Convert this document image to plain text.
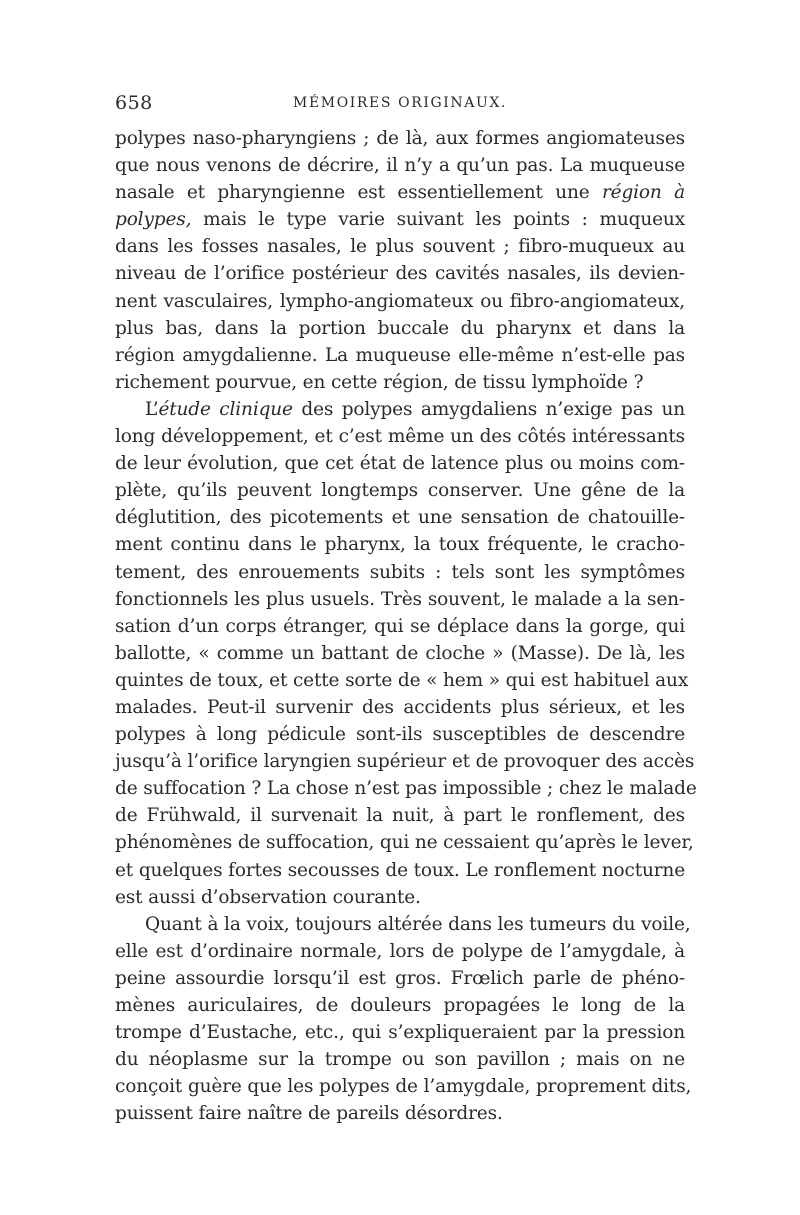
658	MÉMOIRES ORIGINAUX.
polypes naso-pharyngiens ; de là, aux formes angiomateuses
que nous venons de décrire, il n’y a qu’un pas. La muqueuse
nasale et pharyngienne est essentiellement une région à
polypes, mais le type varie suivant les points : muqueux
dans les fosses nasales, le plus souvent ; fibro-muqueux au
niveau de l’orifice postérieur des cavités nasales, ils devien-
nent vasculaires, lympho-angiomateux ou fibro-angiomateux,
plus bas, dans la portion buccale du pharynx et dans la
région amygdalienne. La muqueuse elle-même n’est-elle pas
richement pourvue, en cette région, de tissu lymphoïde ?
L’étude clinique des polypes amygdaliens n’exige pas un
long développement, et c’est même un des côtés intéressants
de leur évolution, que cet état de latence plus ou moins com-
plète, qu’ils peuvent longtemps conserver. Une gêne de la
déglutition, des picotements et une sensation de chatouille-
ment continu dans le pharynx, la toux fréquente, le cracho-
tement, des enrouements subits : tels sont les symptômes
fonctionnels les plus usuels. Très souvent, le malade a la sen-
sation d’un corps étranger, qui se déplace dans la gorge, qui
ballotte, « comme un battant de cloche » (Masse). De là, les
quintes de toux, et cette sorte de « hem » qui est habituel aux
malades. Peut-il survenir des accidents plus sérieux, et les
polypes à long pédicule sont-ils susceptibles de descendre
jusqu’à l’orifice laryngien supérieur et de provoquer des accès
de suffocation ? La chose n’est pas impossible ; chez le malade
de Frühwald, il survenait la nuit, à part le ronflement, des
phénomènes de suffocation, qui ne cessaient qu’après le lever,
et quelques fortes secousses de toux. Le ronflement nocturne
est aussi d’observation courante.
Quant à la voix, toujours altérée dans les tumeurs du voile,
elle est d’ordinaire normale, lors de polype de l’amygdale, à
peine assourdie lorsqu’il est gros. Frœlich parle de phéno-
mènes auriculaires, de douleurs propagées le long de la
trompe d’Eustache, etc., qui s’expliqueraient par la pression
du néoplasme sur la trompe ou son pavillon ; mais on ne
conçoit guère que les polypes de l’amygdale, proprement dits,
puissent faire naître de pareils désordres.
